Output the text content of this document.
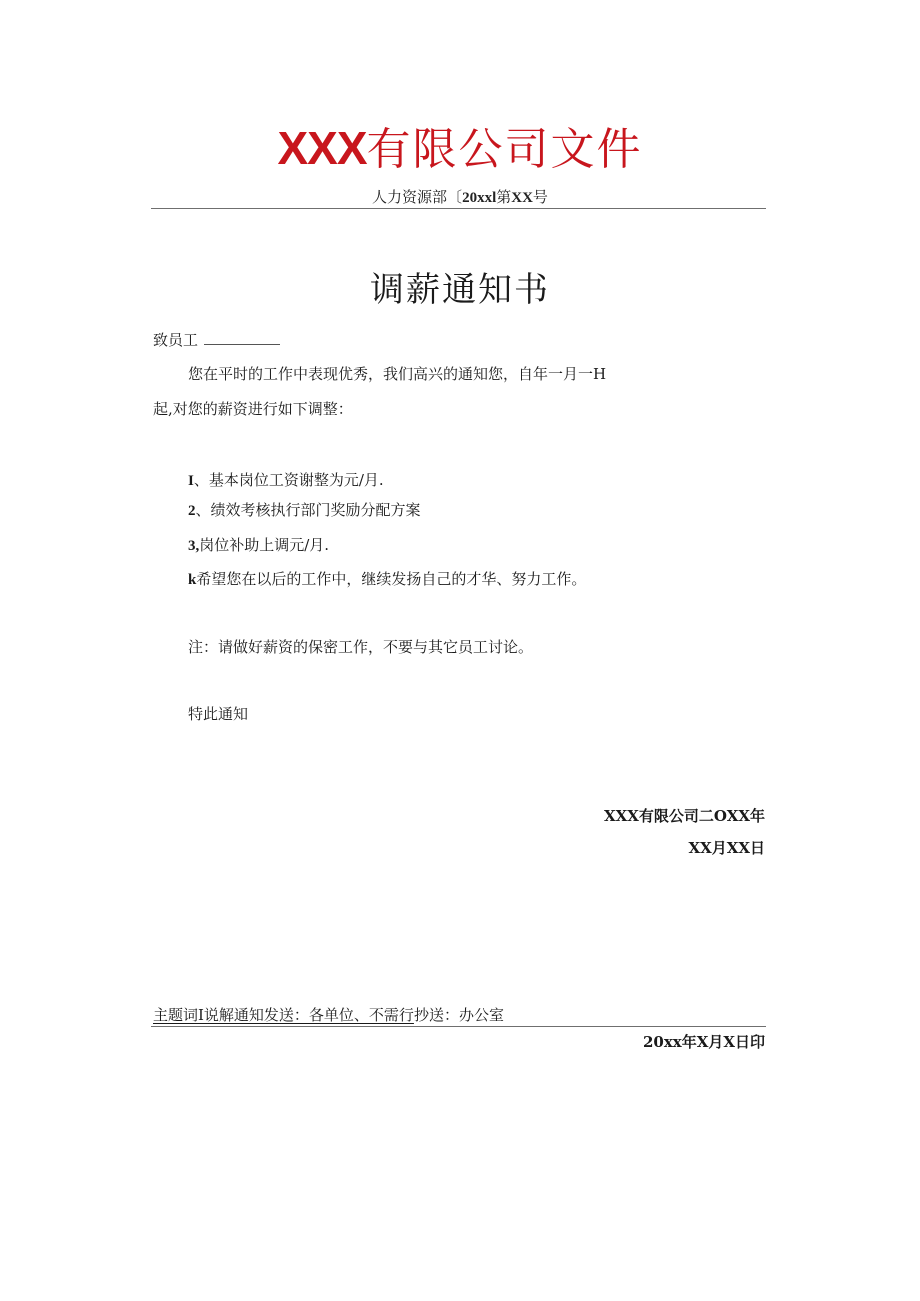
XXX有限公司文件
人力资源部〔20xxl第XX号
调薪通知书
致员工
您在平时的工作中表现优秀，我们高兴的通知您，自年一月一H
起,对您的薪资进行如下调整：
I、基本岗位工资谢整为元/月.
2、绩效考核执行部门奖励分配方案
3,岗位补助上调元/月.
k希望您在以后的工作中，继续发扬自己的才华、努力工作。
注：请做好薪资的保密工作，不要与其它员工讨论。
特此通知
XXX有限公司二OXX年
XX月XX日
主题词I说解通知发送：各单位、不需行抄送：办公室
20xx年X月X日印
